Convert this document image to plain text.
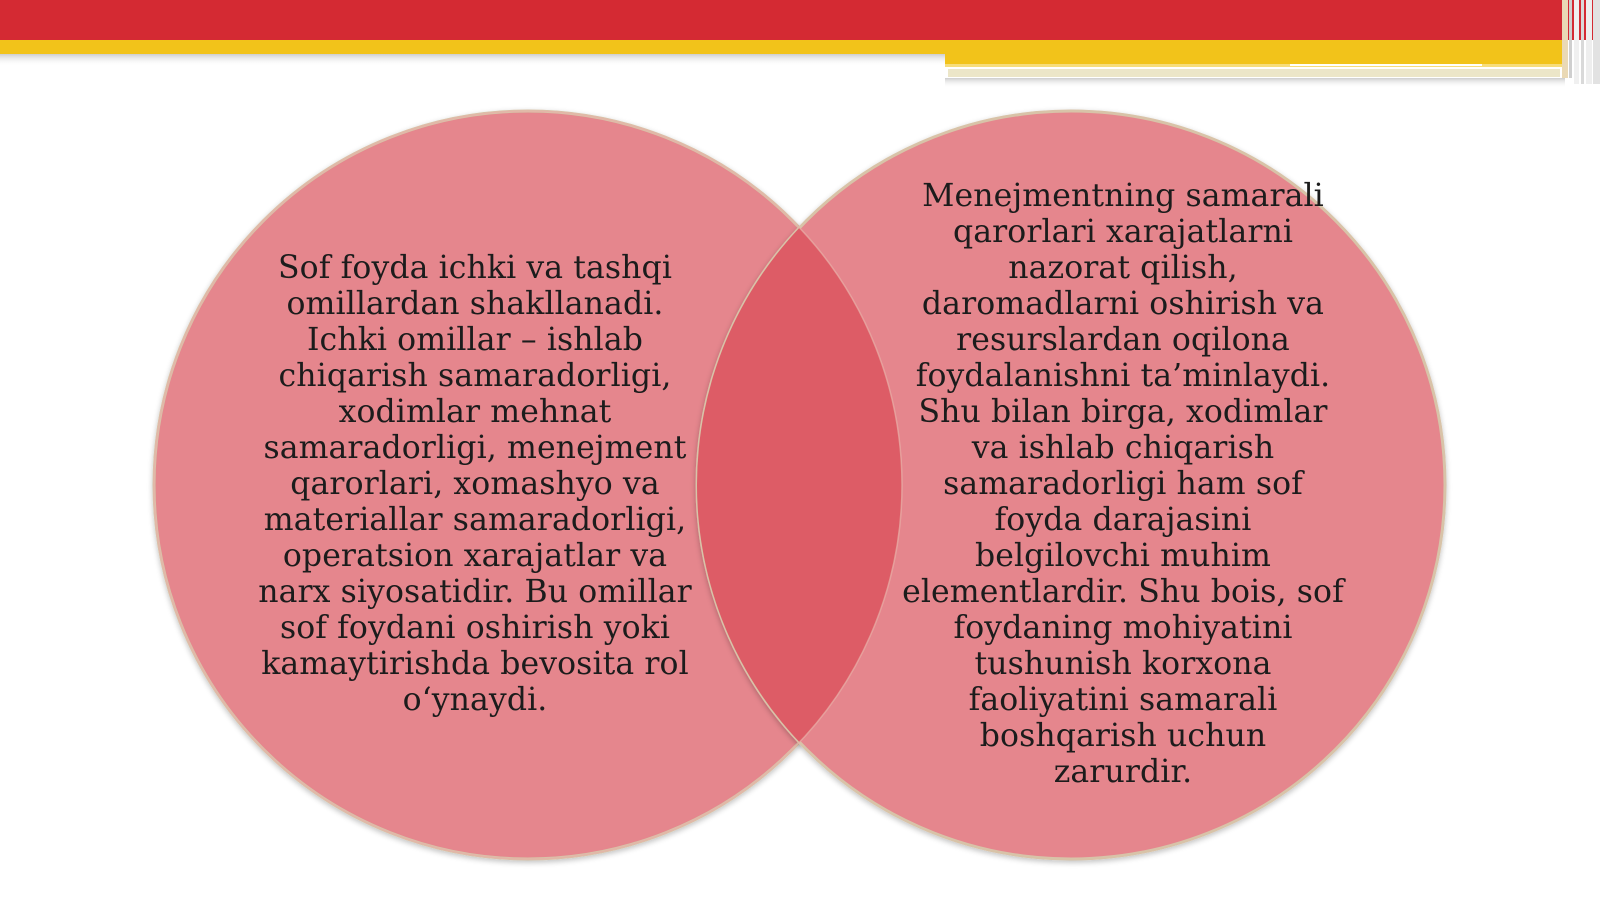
Sof foyda ichki va tashqi
omillardan shakllanadi.
Ichki omillar – ishlab
chiqarish samaradorligi,
xodimlar mehnat
samaradorligi, menejment
qarorlari, xomashyo va
materiallar samaradorligi,
operatsion xarajatlar va
narx siyosatidir. Bu omillar
sof foydani oshirish yoki
kamaytirishda bevosita rol
o‘ynaydi.
Menejmentning samarali
qarorlari xarajatlarni
nazorat qilish,
daromadlarni oshirish va
resurslardan oqilona
foydalanishni ta’minlaydi.
Shu bilan birga, xodimlar
va ishlab chiqarish
samaradorligi ham sof
foyda darajasini
belgilovchi muhim
elementlardir. Shu bois, sof
foydaning mohiyatini
tushunish korxona
faoliyatini samarali
boshqarish uchun
zarurdir.
